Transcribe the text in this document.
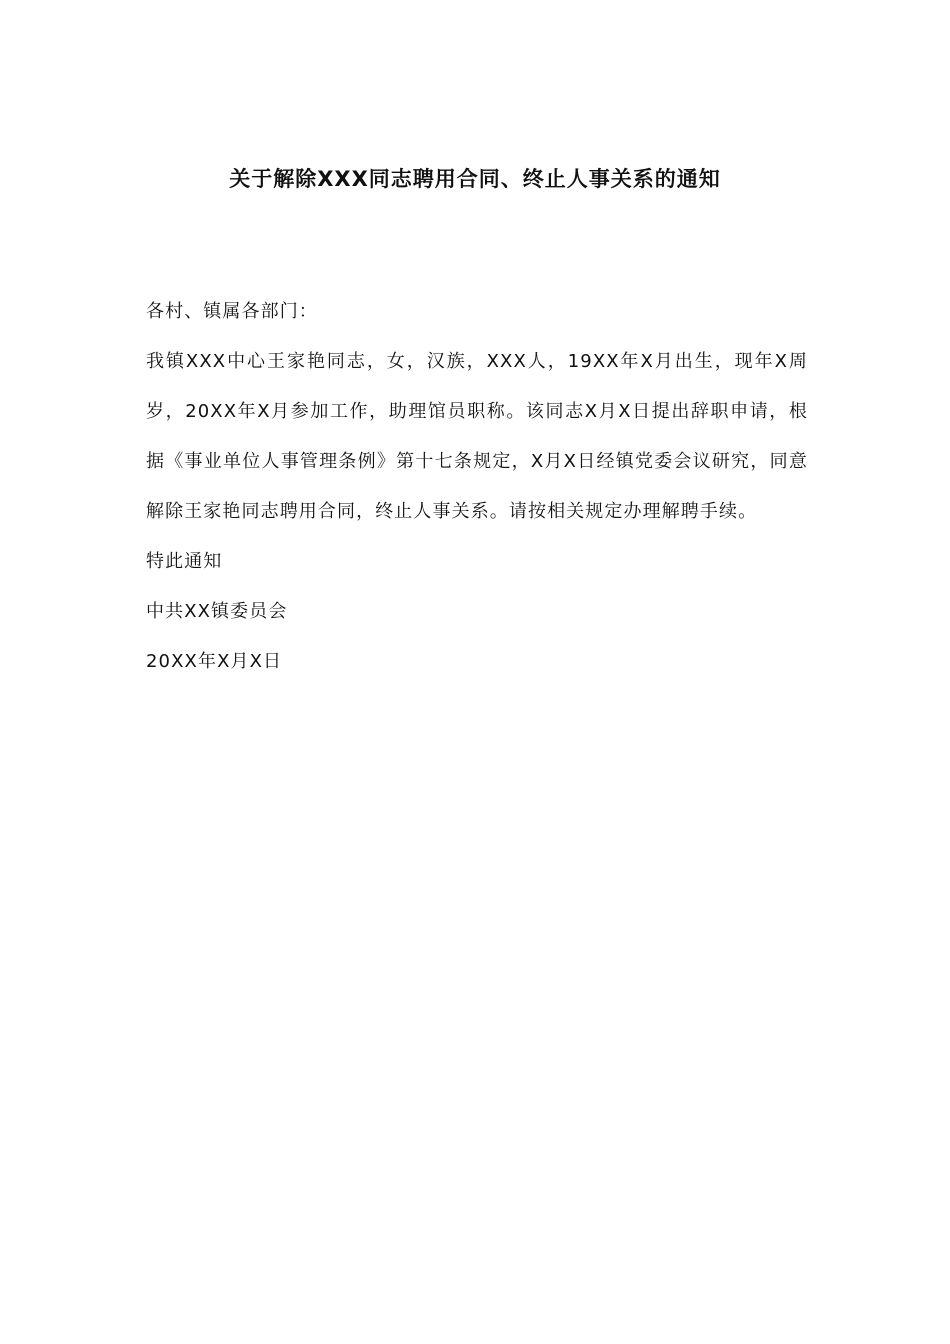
关于解除XXX同志聘用合同、终止人事关系的通知
各村、镇属各部门：
我镇XXX中心王家艳同志，女，汉族，XXX人，19XX年X月出生，现年X周岁，20XX年X月参加工作，助理馆员职称。该同志X月X日提出辞职申请，根据《事业单位人事管理条例》第十七条规定，X月X日经镇党委会议研究，同意解除王家艳同志聘用合同，终止人事关系。请按相关规定办理解聘手续。
特此通知
中共XX镇委员会
20XX年X月X日
